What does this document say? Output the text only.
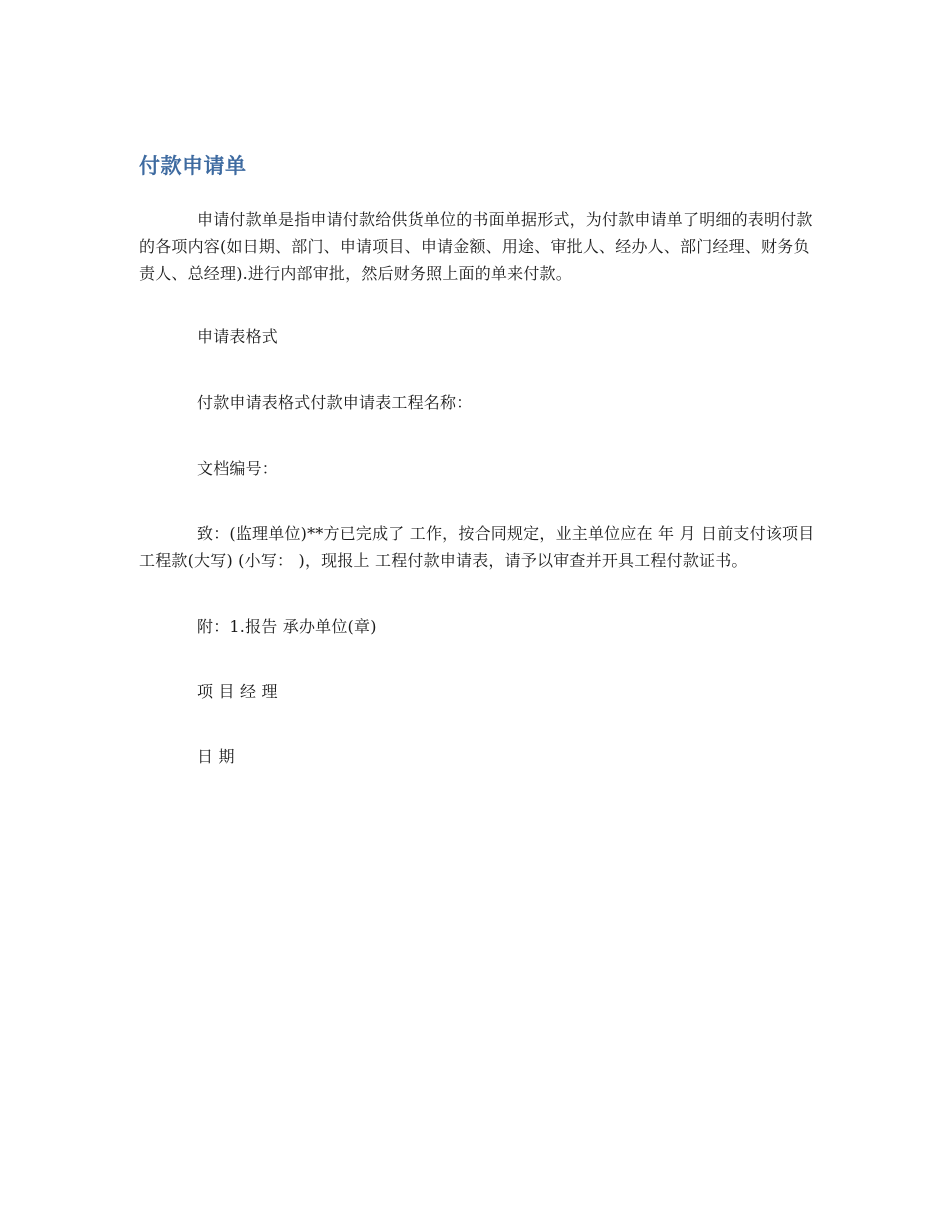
付款申请单

申请付款单是指申请付款给供货单位的书面单据形式，为付款申请单了明细的表明付款的各项内容(如日期、部门、申请项目、申请金额、用途、审批人、经办人、部门经理、财务负责人、总经理).进行内部审批，然后财务照上面的单来付款。

申请表格式

付款申请表格式付款申请表工程名称：

文档编号：

致：(监理单位)**方已完成了 工作，按合同规定，业主单位应在 年 月 日前支付该项目工程款(大写) (小写： )，现报上 工程付款申请表，请予以审查并开具工程付款证书。

附：1.报告 承办单位(章)

项 目 经 理

日 期
